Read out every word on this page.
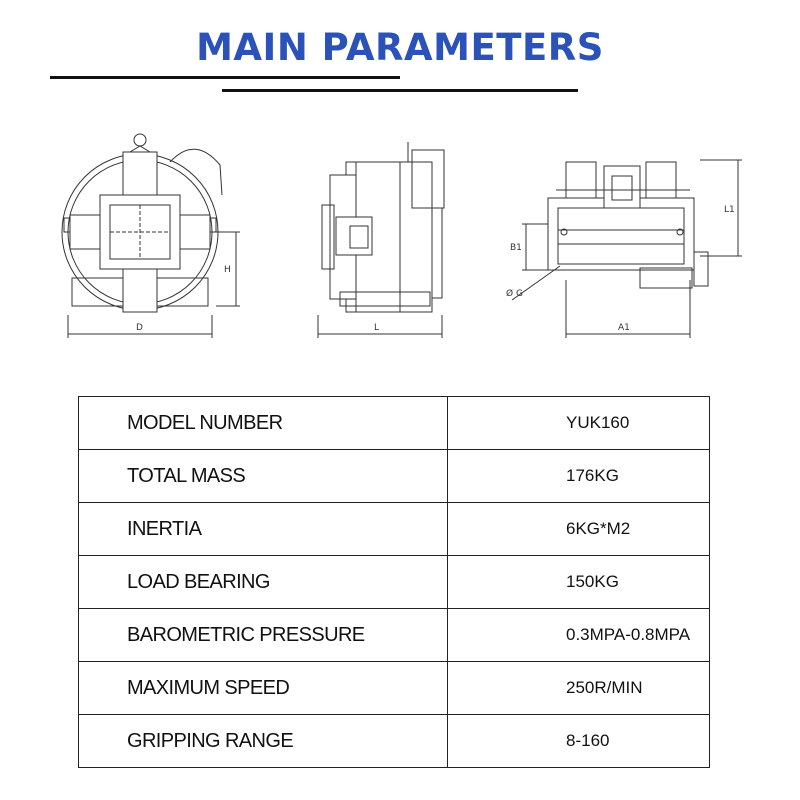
MAIN PARAMETERS
D
H
L	A1
L1
B1
Ø G
MODEL NUMBER	YUK160
TOTAL MASS	176KG
INERTIA	6KG*M2
LOAD BEARING	150KG
BAROMETRIC PRESSURE	0.3MPA-0.8MPA
MAXIMUM SPEED	250R/MIN
GRIPPING RANGE	8-160
